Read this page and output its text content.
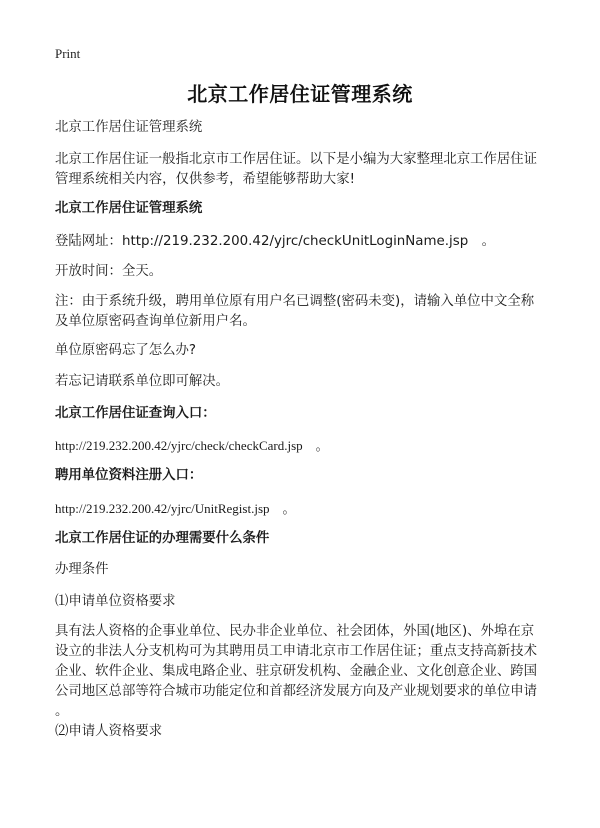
Print
北京工作居住证管理系统

北京工作居住证管理系统

北京工作居住证一般指北京市工作居住证。以下是小编为大家整理北京工作居住证
管理系统相关内容，仅供参考，希望能够帮助大家!

北京工作居住证管理系统

登陆网址：http://219.232.200.42/yjrc/checkUnitLoginName.jsp　。

开放时间：全天。

注：由于系统升级，聘用单位原有用户名已调整(密码未变)，请输入单位中文全称
及单位原密码查询单位新用户名。

单位原密码忘了怎么办?

若忘记请联系单位即可解决。

北京工作居住证查询入口：

http://219.232.200.42/yjrc/check/checkCard.jsp　。

聘用单位资料注册入口：

http://219.232.200.42/yjrc/UnitRegist.jsp　。

北京工作居住证的办理需要什么条件

办理条件

⑴申请单位资格要求

具有法人资格的企事业单位、民办非企业单位、社会团体，外国(地区)、外埠在京
设立的非法人分支机构可为其聘用员工申请北京市工作居住证；重点支持高新技术
企业、软件企业、集成电路企业、驻京研发机构、金融企业、文化创意企业、跨国
公司地区总部等符合城市功能定位和首都经济发展方向及产业规划要求的单位申请
。

⑵申请人资格要求
